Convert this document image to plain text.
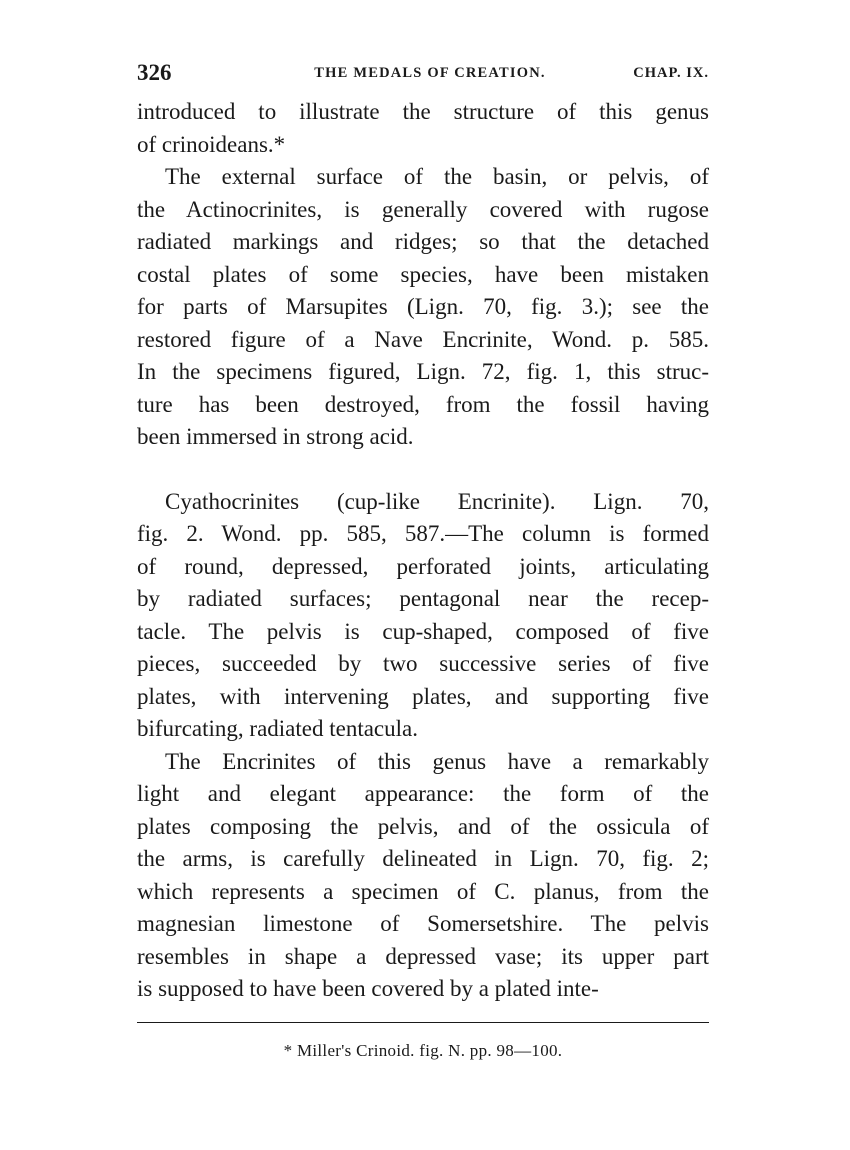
326	THE MEDALS OF CREATION.	CHAP. IX.

introduced to illustrate the structure of this genus
of crinoideans.*

The external surface of the basin, or pelvis, of
the Actinocrinites, is generally covered with rugose
radiated markings and ridges; so that the detached
costal plates of some species, have been mistaken
for parts of Marsupites (Lign. 70, fig. 3.); see the
restored figure of a Nave Encrinite, Wond. p. 585.
In the specimens figured, Lign. 72, fig. 1, this struc-
ture has been destroyed, from the fossil having
been immersed in strong acid.

Cyathocrinites (cup-like Encrinite). Lign. 70,
fig. 2. Wond. pp. 585, 587.—The column is formed
of round, depressed, perforated joints, articulating
by radiated surfaces; pentagonal near the recep-
tacle. The pelvis is cup-shaped, composed of five
pieces, succeeded by two successive series of five
plates, with intervening plates, and supporting five
bifurcating, radiated tentacula.

The Encrinites of this genus have a remarkably
light and elegant appearance: the form of the
plates composing the pelvis, and of the ossicula of
the arms, is carefully delineated in Lign. 70, fig. 2;
which represents a specimen of C. planus, from the
magnesian limestone of Somersetshire. The pelvis
resembles in shape a depressed vase; its upper part
is supposed to have been covered by a plated inte-

* Miller's Crinoid. fig. N. pp. 98—100.
